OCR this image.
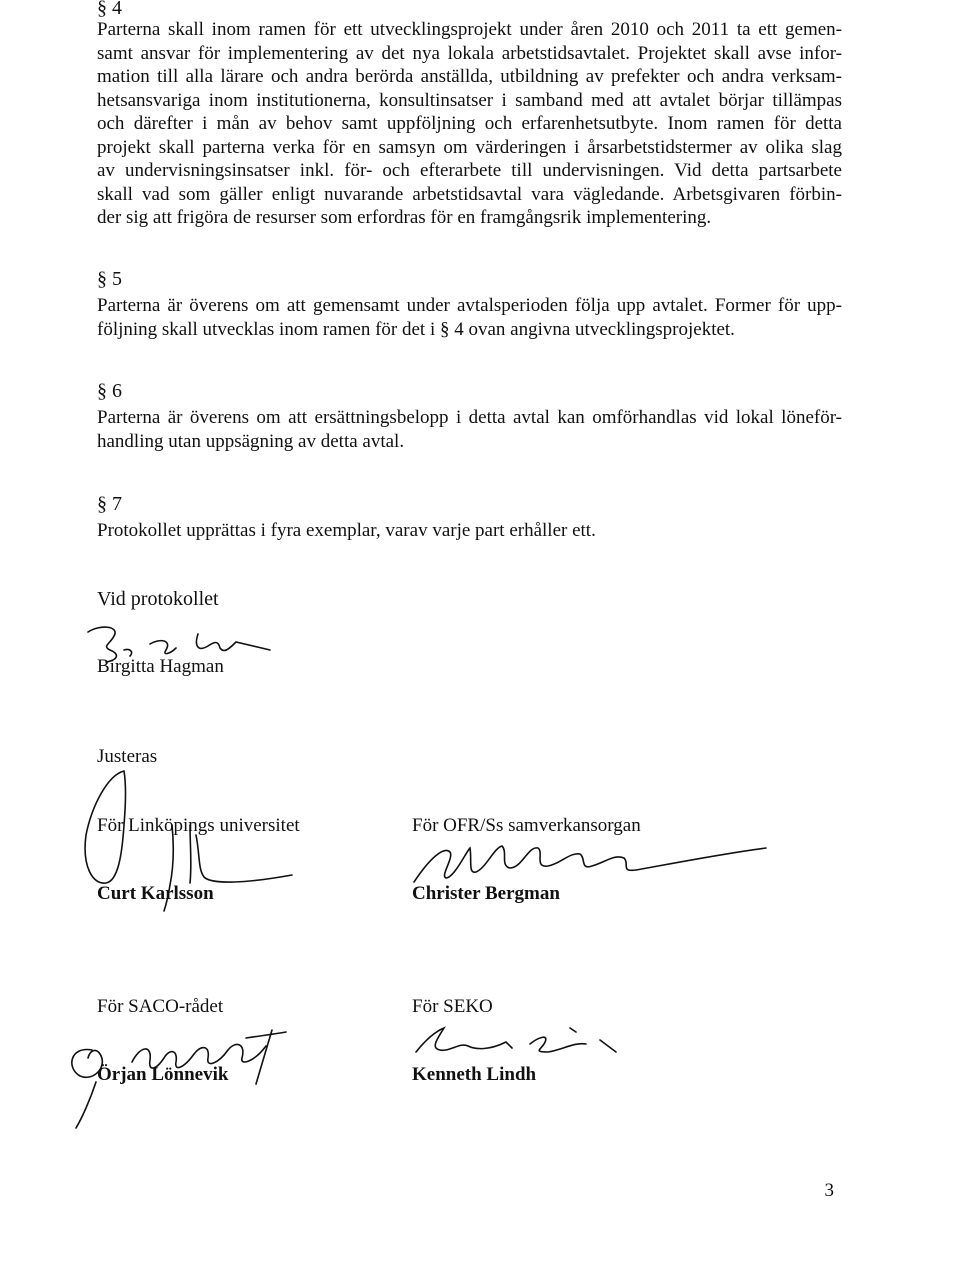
§ 4
Parterna skall inom ramen för ett utvecklingsprojekt under åren 2010 och 2011 ta ett gemen-
samt ansvar för implementering av det nya lokala arbetstidsavtalet. Projektet skall avse infor-
mation till alla lärare och andra berörda anställda, utbildning av prefekter och andra verksam-
hetsansvariga inom institutionerna, konsultinsatser i samband med att avtalet börjar tillämpas
och därefter i mån av behov samt uppföljning och erfarenhetsutbyte. Inom ramen för detta
projekt skall parterna verka för en samsyn om värderingen i årsarbetstidstermer av olika slag
av undervisningsinsatser inkl. för- och efterarbete till undervisningen. Vid detta partsarbete
skall vad som gäller enligt nuvarande arbetstidsavtal vara vägledande. Arbetsgivaren förbin-
der sig att frigöra de resurser som erfordras för en framgångsrik implementering.
§ 5
Parterna är överens om att gemensamt under avtalsperioden följa upp avtalet. Former för upp-
följning skall utvecklas inom ramen för det i § 4 ovan angivna utvecklingsprojektet.
§ 6
Parterna är överens om att ersättningsbelopp i detta avtal kan omförhandlas vid lokal löneför-
handling utan uppsägning av detta avtal.
§ 7
Protokollet upprättas i fyra exemplar, varav varje part erhåller ett.
Vid protokollet
Birgitta Hagman
Justeras
För Linköpings universitet
Curt Karlsson
För OFR/Ss samverkansorgan
Christer Bergman
För SACO-rådet
Örjan Lönnevik
För SEKO
Kenneth Lindh
3
